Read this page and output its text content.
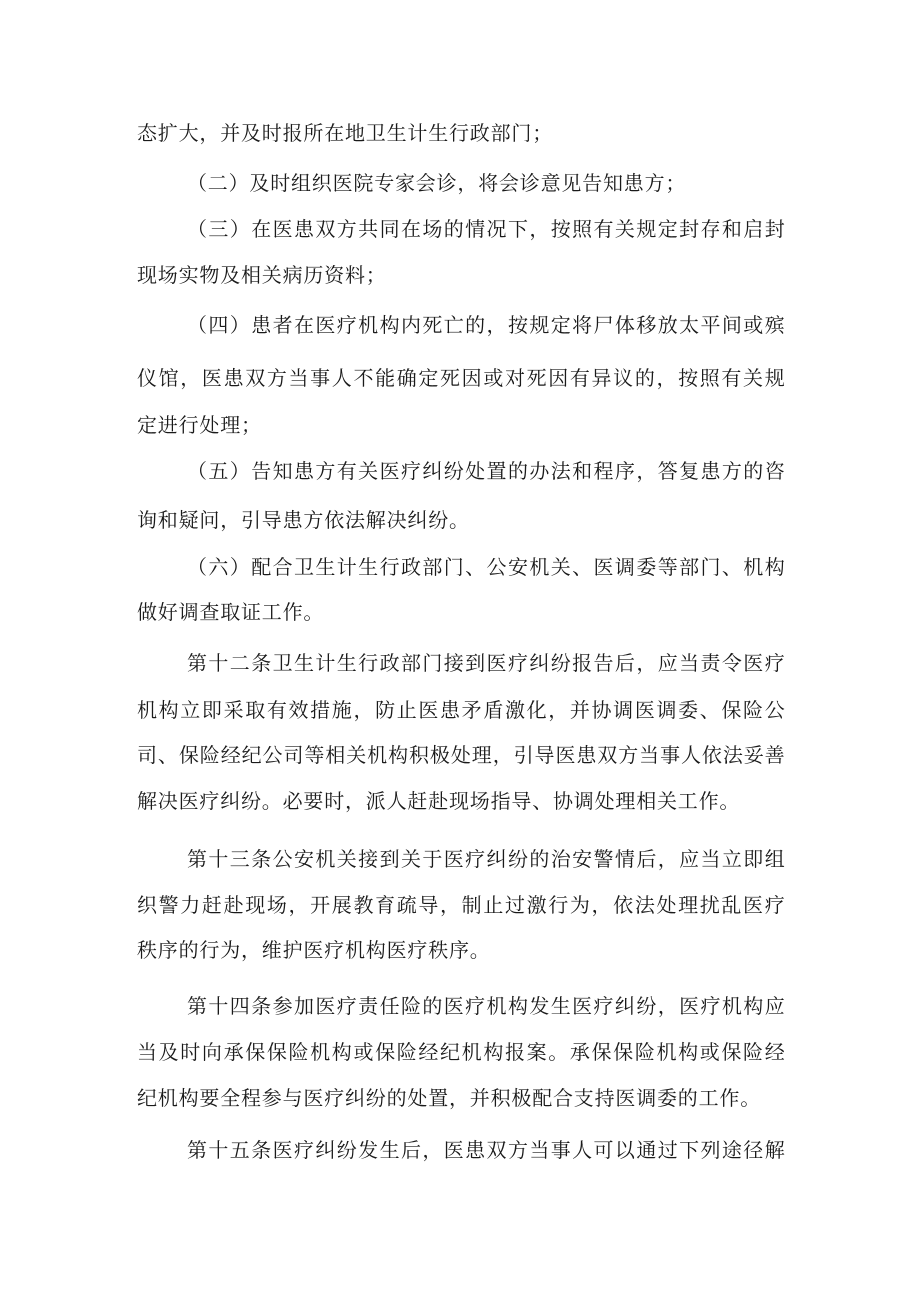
态扩大，并及时报所在地卫生计生行政部门；
（二）及时组织医院专家会诊，将会诊意见告知患方；
（三）在医患双方共同在场的情况下，按照有关规定封存和启封
现场实物及相关病历资料；
（四）患者在医疗机构内死亡的，按规定将尸体移放太平间或殡
仪馆，医患双方当事人不能确定死因或对死因有异议的，按照有关规
定进行处理；
（五）告知患方有关医疗纠纷处置的办法和程序，答复患方的咨
询和疑问，引导患方依法解决纠纷。
（六）配合卫生计生行政部门、公安机关、医调委等部门、机构
做好调查取证工作。
第十二条卫生计生行政部门接到医疗纠纷报告后，应当责令医疗
机构立即采取有效措施，防止医患矛盾激化，并协调医调委、保险公
司、保险经纪公司等相关机构积极处理，引导医患双方当事人依法妥善
解决医疗纠纷。必要时，派人赶赴现场指导、协调处理相关工作。
第十三条公安机关接到关于医疗纠纷的治安警情后，应当立即组
织警力赶赴现场，开展教育疏导，制止过激行为，依法处理扰乱医疗
秩序的行为，维护医疗机构医疗秩序。
第十四条参加医疗责任险的医疗机构发生医疗纠纷，医疗机构应
当及时向承保保险机构或保险经纪机构报案。承保保险机构或保险经
纪机构要全程参与医疗纠纷的处置，并积极配合支持医调委的工作。
第十五条医疗纠纷发生后，医患双方当事人可以通过下列途径解
